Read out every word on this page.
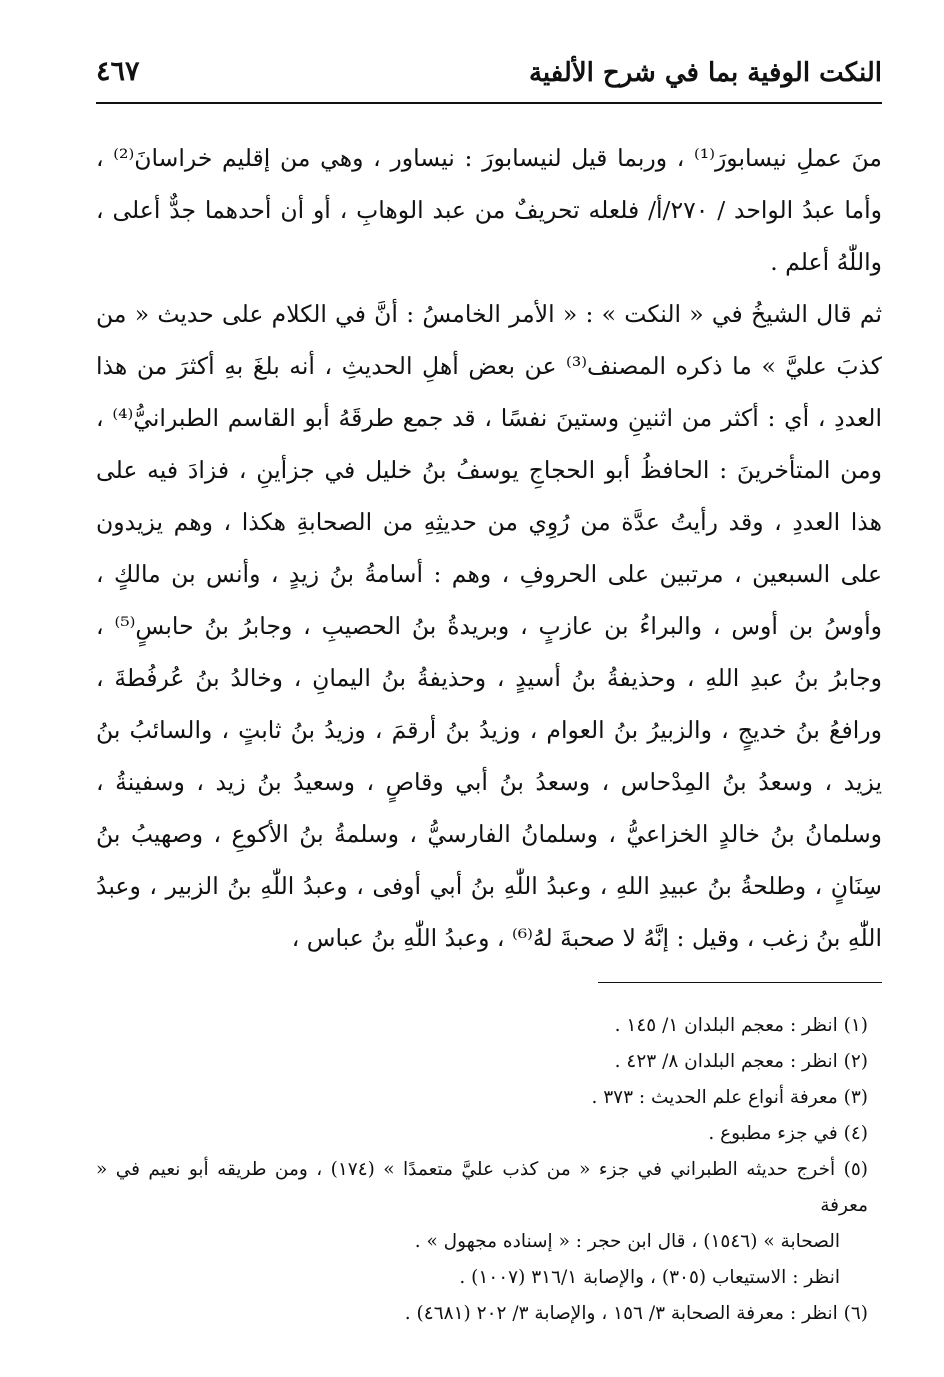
النكت الوفية بما في شرح الألفية
٤٦٧

منَ عملِ نيسابورَ⁽¹⁾ ، وربما قيل لنيسابورَ : نيساور ، وهي من إقليم خراسانَ⁽²⁾ ، وأما عبدُ الواحد / ٢٧٠/أ/ فلعله تحريفٌ من عبد الوهابِ ، أو أن أحدهما جدٌّ أعلى ، واللّٰهُ أعلم .

ثم قال الشيخُ في « النكت » : « الأمر الخامسُ : أنَّ في الكلام على حديث « من كذبَ عليَّ » ما ذكره المصنف⁽³⁾ عن بعض أهلِ الحديثِ ، أنه بلغَ بهِ أكثرَ من هذا العددِ ، أي : أكثر من اثنينِ وستينَ نفسًا ، قد جمع طرقَهُ أبو القاسم الطبرانيُّ⁽⁴⁾ ، ومن المتأخرينَ : الحافظُ أبو الحجاجِ يوسفُ بنُ خليل في جزأينِ ، فزادَ فيه على هذا العددِ ، وقد رأيتُ عدَّة من رُوِي من حديثِهِ من الصحابةِ هكذا ، وهم يزيدون على السبعين ، مرتبين على الحروفِ ، وهم : أسامةُ بنُ زيدٍ ، وأنس بن مالكٍ ، وأوسُ بن أوس ، والبراءُ بن عازبٍ ، وبريدةُ بنُ الحصيبِ ، وجابرُ بنُ حابسٍ⁽⁵⁾ ، وجابرُ بنُ عبدِ اللهِ ، وحذيفةُ بنُ أسيدٍ ، وحذيفةُ بنُ اليمانِ ، وخالدُ بنُ عُرفُطةَ ، ورافعُ بنُ خديجٍ ، والزبيرُ بنُ العوام ، وزيدُ بنُ أرقمَ ، وزيدُ بنُ ثابتٍ ، والسائبُ بنُ يزيد ، وسعدُ بنُ المِدْحاس ، وسعدُ بنُ أبي وقاصٍ ، وسعيدُ بنُ زيد ، وسفينةُ ، وسلمانُ بنُ خالدٍ الخزاعيُّ ، وسلمانُ الفارسيُّ ، وسلمةُ بنُ الأكوعِ ، وصهيبُ بنُ سِنَانٍ ، وطلحةُ بنُ عبيدِ اللهِ ، وعبدُ اللّٰهِ بنُ أبي أوفى ، وعبدُ اللّٰهِ بنُ الزبير ، وعبدُ اللّٰهِ بنُ زغب ، وقيل : إنَّهُ لا صحبةَ لهُ⁽⁶⁾ ، وعبدُ اللّٰهِ بنُ عباس ،

(١) انظر : معجم البلدان ١/ ١٤٥ .

(٢) انظر : معجم البلدان ٨/ ٤٢٣ .

(٣) معرفة أنواع علم الحديث : ٣٧٣ .

(٤) في جزء مطبوع .

(٥) أخرج حديثه الطبراني في جزء « من كذب عليَّ متعمدًا » (١٧٤) ، ومن طريقه أبو نعيم في « معرفة

الصحابة » (١٥٤٦) ، قال ابن حجر : « إسناده مجهول » .

انظر : الاستيعاب (٣٠٥) ، والإصابة ٣١٦/١ (١٠٠٧) .

(٦) انظر : معرفة الصحابة ٣/ ١٥٦ ، والإصابة ٣/ ٢٠٢ (٤٦٨١) .
